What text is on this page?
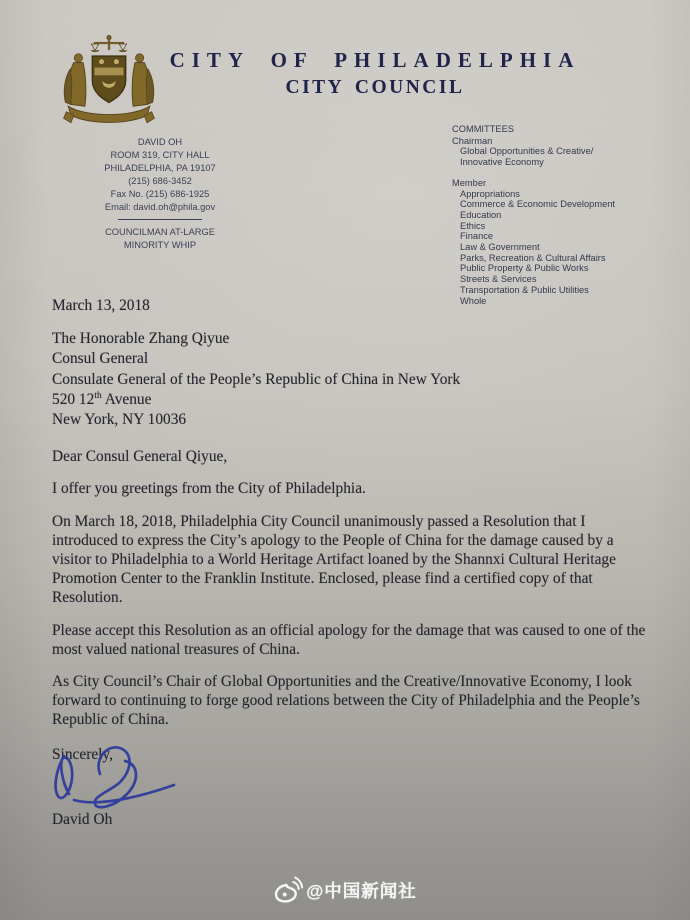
CITY OF PHILADELPHIA
CITY COUNCIL
DAVID OH
ROOM 319, CITY HALL
PHILADELPHIA, PA 19107
(215) 686-3452
Fax No. (215) 686-1925
Email: david.oh@phila.gov
COUNCILMAN AT-LARGE
MINORITY WHIP
COMMITTEES
Chairman
Global Opportunities & Creative/
Innovative Economy
Member
Appropriations
Commerce & Economic Development
Education
Ethics
Finance
Law & Government
Parks, Recreation & Cultural Affairs
Public Property & Public Works
Streets & Services
Transportation & Public Utilities
Whole
March 13, 2018
The Honorable Zhang Qiyue
Consul General
Consulate General of the People’s Republic of China in New York
520 12th Avenue
New York, NY 10036
Dear Consul General Qiyue,

I offer you greetings from the City of Philadelphia.

On March 18, 2018, Philadelphia City Council unanimously passed a Resolution that I introduced to express the City’s apology to the People of China for the damage caused by a visitor to Philadelphia to a World Heritage Artifact loaned by the Shannxi Cultural Heritage Promotion Center to the Franklin Institute. Enclosed, please find a certified copy of that Resolution.

Please accept this Resolution as an official apology for the damage that was caused to one of the most valued national treasures of China.

As City Council’s Chair of Global Opportunities and the Creative/Innovative Economy, I look forward to continuing to forge good relations between the City of Philadelphia and the People’s Republic of China.

Sincerely,
David Oh
@中国新闻社
